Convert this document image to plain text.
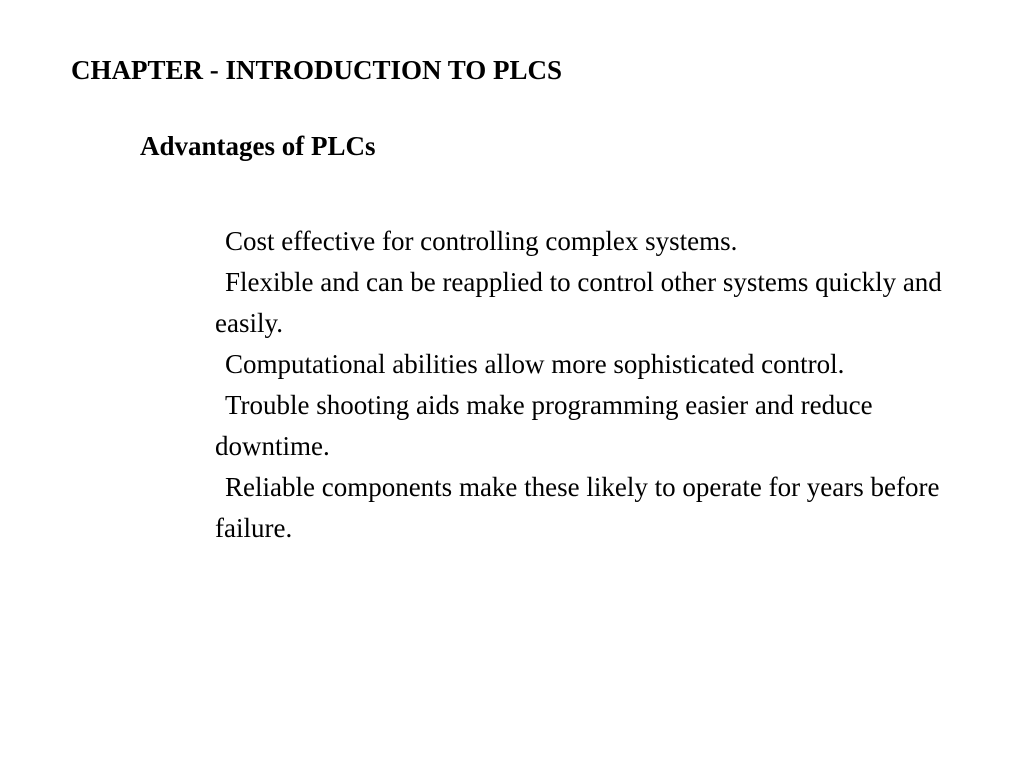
CHAPTER - INTRODUCTION TO PLCS
Advantages of PLCs
Cost effective for controlling complex systems.
Flexible and can be reapplied to control other systems quickly and easily.
Computational abilities allow more sophisticated control.
Trouble shooting aids make programming easier and reduce downtime.
Reliable components make these likely to operate for years before failure.
